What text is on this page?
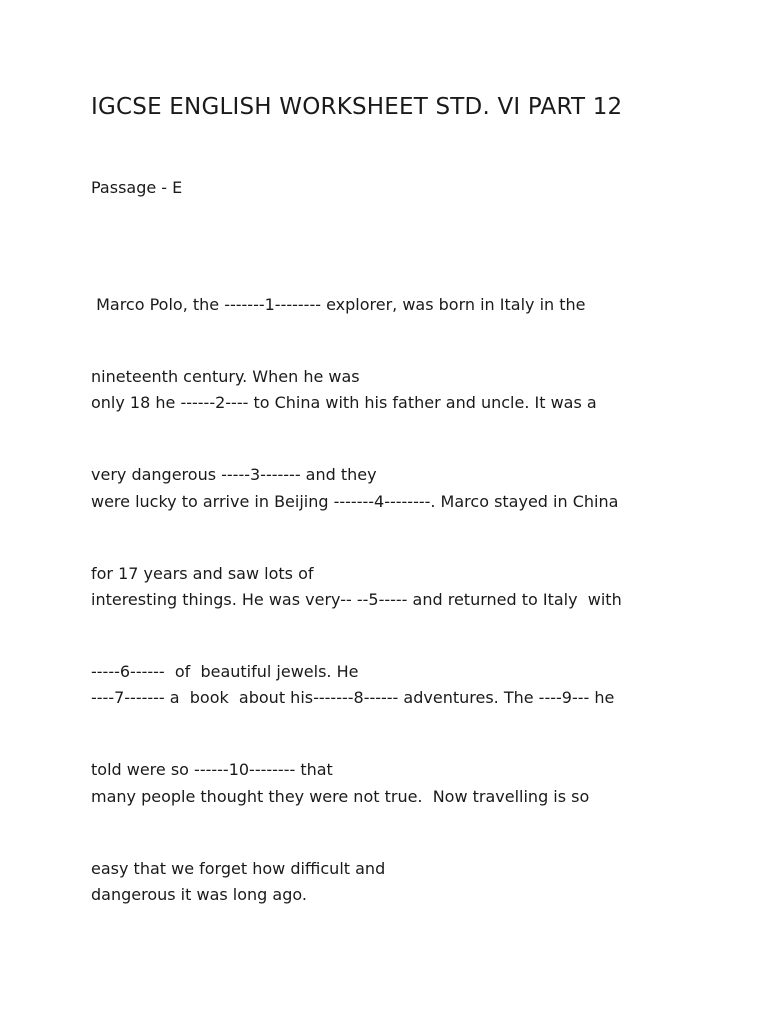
IGCSE ENGLISH WORKSHEET STD. VI PART 12

Passage - E

Marco Polo, the -------1-------- explorer, was born in Italy in the

nineteenth century. When he was

only 18 he ------2---- to China with his father and uncle. It was a

very dangerous -----3------- and they

were lucky to arrive in Beijing -------4--------. Marco stayed in China

for 17 years and saw lots of

interesting things. He was very-- --5----- and returned to Italy  with

-----6------  of  beautiful jewels. He

----7------- a  book  about his-------8------ adventures. The ----9--- he

told were so ------10-------- that

many people thought they were not true.  Now travelling is so

easy that we forget how difficult and

dangerous it was long ago.
